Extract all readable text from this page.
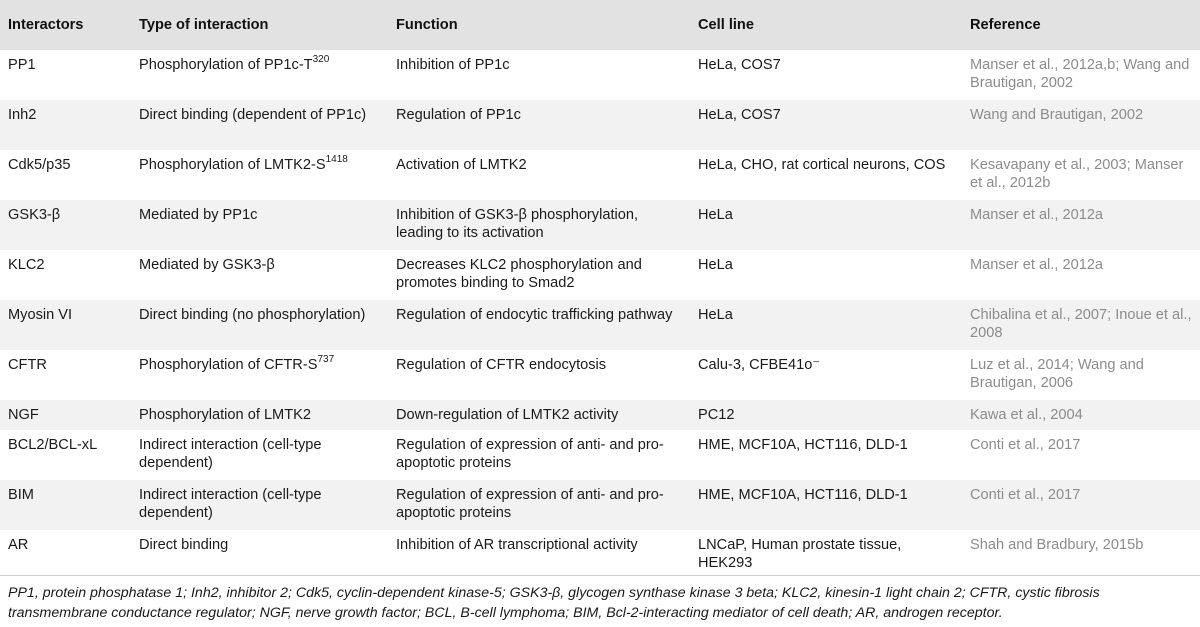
Interactors	Type of interaction	Function	Cell line	Reference
PP1	Phosphorylation of $PP1c-T^{320}$	Inhibition of PP1c	HeLa, COS7	Manser et al., 2012a,b; Wang and Brautigan, 2002
Inh2	Direct binding (dependent of PP1c)	Regulation of PP1c	HeLa, COS7	Wang and Brautigan, 2002
Cdk5/p35	Phosphorylation of $LMTK2-S^{1418}$	Activation of LMTK2	HeLa, CHO, rat cortical neurons, COS	Kesavapany et al., 2003; Manser et al., 2012b
GSK3-β	Mediated by PP1c	Inhibition of GSK3-β phosphorylation, leading to its activation	HeLa	Manser et al., 2012a
KLC2	Mediated by GSK3-β	Decreases KLC2 phosphorylation and promotes binding to Smad2	HeLa	Manser et al., 2012a
Myosin VI	Direct binding (no phosphorylation)	Regulation of endocytic trafficking pathway	HeLa	Chibalina et al., 2007; Inoue et al., 2008
CFTR	Phosphorylation of CFTR-$S^{737}$	Regulation of CFTR endocytosis	Calu-3, CFBE41o⁻	Luz et al., 2014; Wang and Brautigan, 2006
NGF	Phosphorylation of LMTK2	Down-regulation of LMTK2 activity	PC12	Kawa et al., 2004
BCL2/BCL-xL	Indirect interaction (cell-type dependent)	Regulation of expression of anti- and pro-apoptotic proteins	HME, MCF10A, HCT116, DLD-1	Conti et al., 2017
BIM	Indirect interaction (cell-type dependent)	Regulation of expression of anti- and pro-apoptotic proteins	HME, MCF10A, HCT116, DLD-1	Conti et al., 2017
AR	Direct binding	Inhibition of AR transcriptional activity	LNCaP, Human prostate tissue, HEK293	Shah and Bradbury, 2015b
PP1, protein phosphatase 1; Inh2, inhibitor 2; Cdk5, cyclin-dependent kinase-5; GSK3-β, glycogen synthase kinase 3 beta; KLC2, kinesin-1 light chain 2; CFTR, cystic fibrosis transmembrane conductance regulator; NGF, nerve growth factor; BCL, B-cell lymphoma; BIM, Bcl-2-interacting mediator of cell death; AR, androgen receptor.
